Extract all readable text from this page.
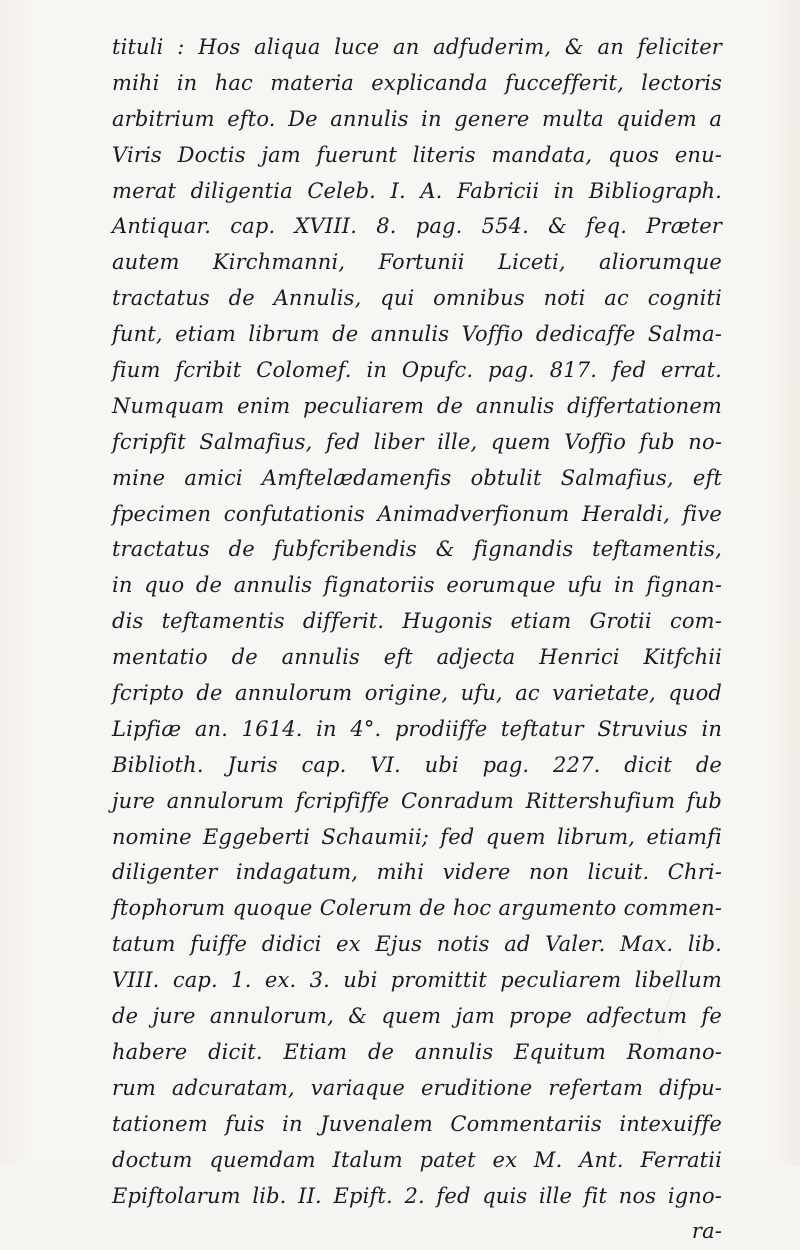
tituli : Hos aliqua luce an adfuderim, & an feliciter
mihi in hac materia explicanda fuccefferit, lectoris
arbitrium efto. De annulis in genere multa quidem a
Viris Doctis jam fuerunt literis mandata, quos enu-
merat diligentia Celeb. I. A. Fabricii in Bibliograph.
Antiquar. cap. XVIII. 8. pag. 554. & feq. Præter
autem Kirchmanni, Fortunii Liceti, aliorumque
tractatus de Annulis, qui omnibus noti ac cogniti
funt, etiam librum de annulis Voffio dedicaffe Salma-
fium fcribit Colomef. in Opufc. pag. 817. fed errat.
Numquam enim peculiarem de annulis differtationem
fcripfit Salmafius, fed liber ille, quem Voffio fub no-
mine amici Amftelædamenfis obtulit Salmafius, eft
fpecimen confutationis Animadverfionum Heraldi, five
tractatus de fubfcribendis & fignandis teftamentis,
in quo de annulis fignatoriis eorumque ufu in fignan-
dis teftamentis differit. Hugonis etiam Grotii com-
mentatio de annulis eft adjecta Henrici Kitfchii
fcripto de annulorum origine, ufu, ac varietate, quod
Lipfiæ an. 1614. in 4°. prodiiffe teftatur Struvius in
Biblioth. Juris cap. VI. ubi pag. 227. dicit de
jure annulorum fcripfiffe Conradum Rittershufium fub
nomine Eggeberti Schaumii; fed quem librum, etiamfi
diligenter indagatum, mihi videre non licuit. Chri-
ftophorum quoque Colerum de hoc argumento commen-
tatum fuiffe didici ex Ejus notis ad Valer. Max. lib.
VIII. cap. 1. ex. 3. ubi promittit peculiarem libellum
de jure annulorum, & quem jam prope adfectum fe
habere dicit. Etiam de annulis Equitum Romano-
rum adcuratam, variaque eruditione refertam difpu-
tationem fuis in Juvenalem Commentariis intexuiffe
doctum quemdam Italum patet ex M. Ant. Ferratii
Epiftolarum lib. II. Epift. 2. fed quis ille fit nos igno-
ra-
